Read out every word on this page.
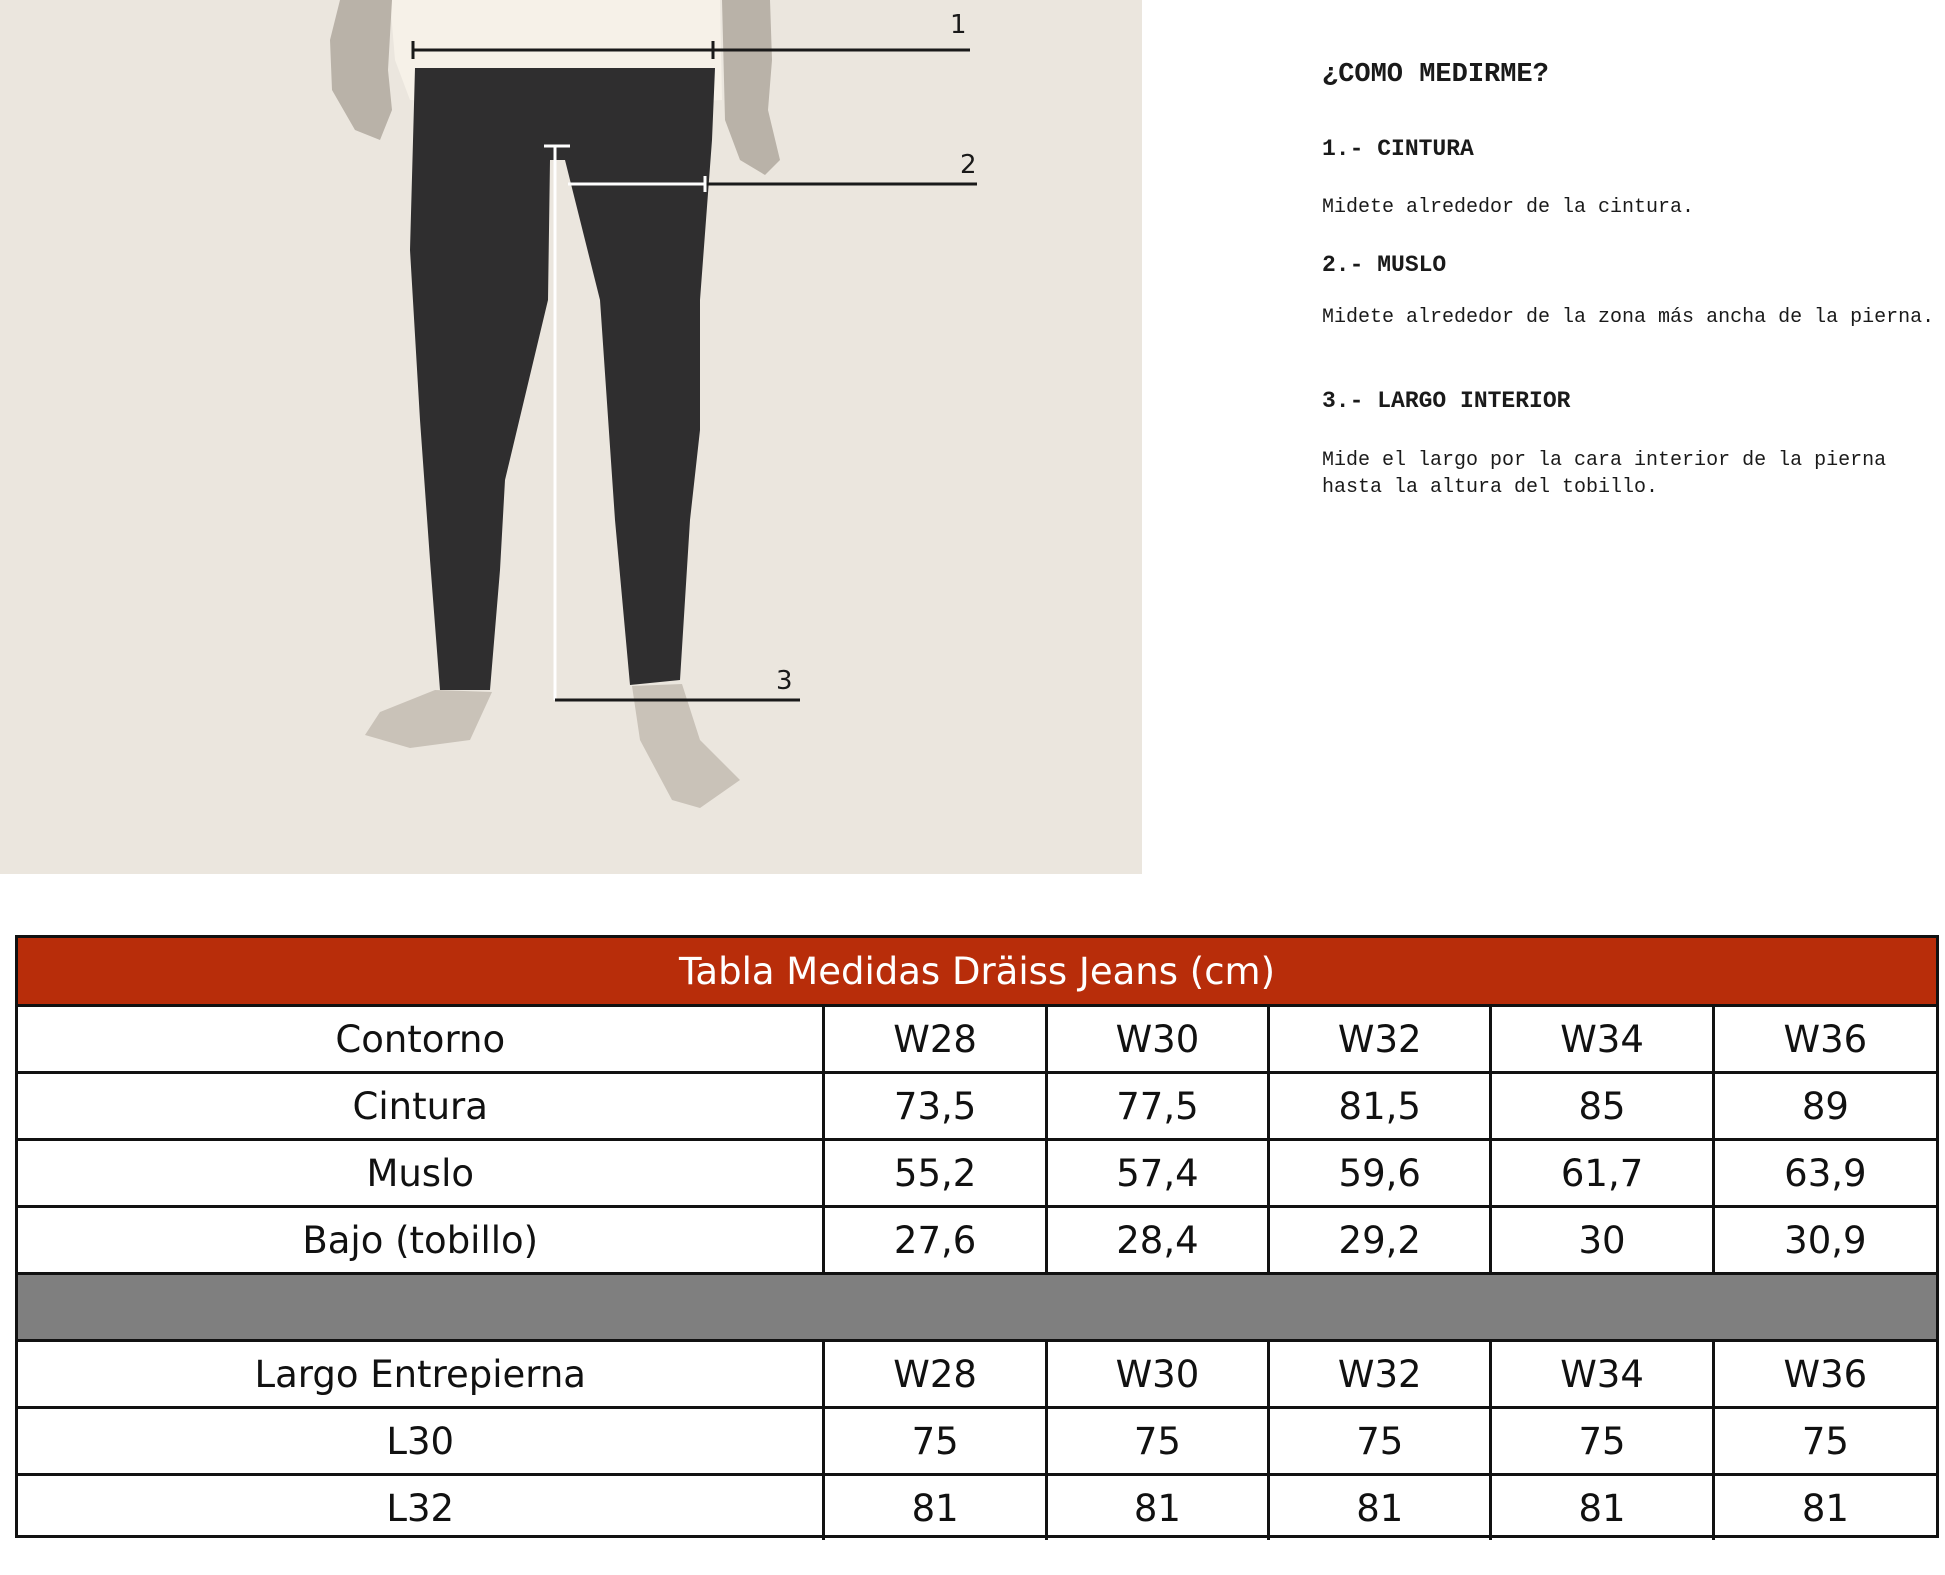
1
2
3
¿COMO MEDIRME?
1.- CINTURA
Midete alrededor de la cintura.
2.- MUSLO
Midete alrededor de la zona más ancha de la pierna.
3.- LARGO INTERIOR
Mide el largo por la cara interior de la pierna hasta la altura del tobillo.
Tabla Medidas Dräiss Jeans (cm)
Contorno	W28	W30	W32	W34	W36
Cintura	73,5	77,5	81,5	85	89
Muslo	55,2	57,4	59,6	61,7	63,9
Bajo (tobillo)	27,6	28,4	29,2	30	30,9
Largo Entrepierna	W28	W30	W32	W34	W36
L30	75	75	75	75	75
L32	81	81	81	81	81
